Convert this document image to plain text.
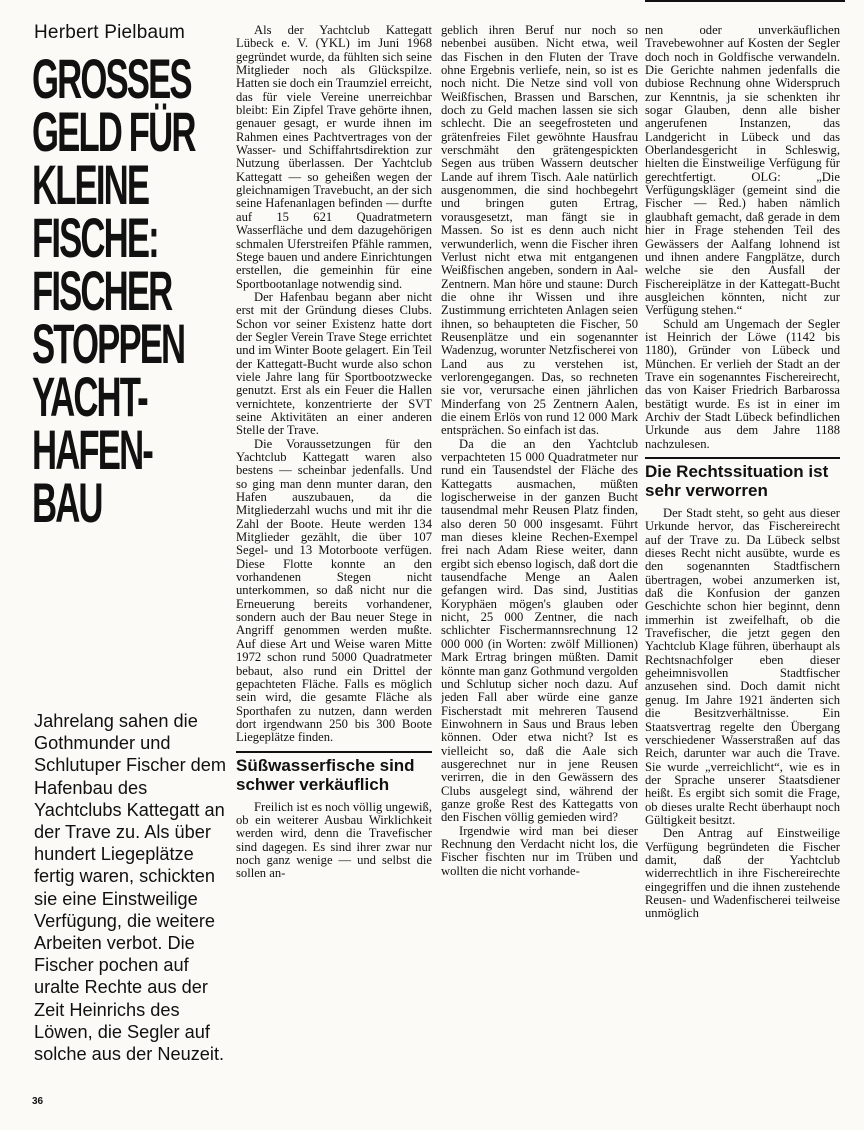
Herbert Pielbaum
GROSSES
GELD FÜR
KLEINE
FISCHE:
FISCHER
STOPPEN
YACHT-
HAFEN-
BAU
Jahrelang sahen die Gothmunder und Schlutuper Fischer dem Hafenbau des Yachtclubs Kattegatt an der Trave zu. Als über hundert Liegeplätze fertig waren, schickten sie eine Einstweilige Verfügung, die weitere Arbeiten verbot. Die Fischer pochen auf uralte Rechte aus der Zeit Heinrichs des Löwen, die Segler auf solche aus der Neuzeit.
36

Als der Yachtclub Kattegatt Lübeck e. V. (YKL) im Juni 1968 gegründet wurde, da fühlten sich seine Mitglieder noch als Glückspilze. Hatten sie doch ein Traumziel erreicht, das für viele Vereine unerreichbar bleibt: Ein Zipfel Trave gehörte ihnen, genauer gesagt, er wurde ihnen im Rahmen eines Pachtvertrages von der Wasser- und Schiffahrtsdirektion zur Nutzung überlassen. Der Yachtclub Kattegatt — so geheißen wegen der gleichnamigen Travebucht, an der sich seine Hafenanlagen befinden — durfte auf 15 621 Quadratmetern Wasserfläche und dem dazugehörigen schmalen Uferstreifen Pfähle rammen, Stege bauen und andere Einrichtungen erstellen, die gemeinhin für eine Sportbootanlage notwendig sind.

Der Hafenbau begann aber nicht erst mit der Gründung dieses Clubs. Schon vor seiner Existenz hatte dort der Segler Verein Trave Stege errichtet und im Winter Boote gelagert. Ein Teil der Kattegatt-Bucht wurde also schon viele Jahre lang für Sportbootzwecke genutzt. Erst als ein Feuer die Hallen vernichtete, konzentrierte der SVT seine Aktivitäten an einer anderen Stelle der Trave.

Die Voraussetzungen für den Yachtclub Kattegatt waren also bestens — scheinbar jedenfalls. Und so ging man denn munter daran, den Hafen auszubauen, da die Mitgliederzahl wuchs und mit ihr die Zahl der Boote. Heute werden 134 Mitglieder gezählt, die über 107 Segel- und 13 Motorboote verfügen. Diese Flotte konnte an den vorhandenen Stegen nicht unterkommen, so daß nicht nur die Erneuerung bereits vorhandener, sondern auch der Bau neuer Stege in Angriff genommen werden mußte. Auf diese Art und Weise waren Mitte 1972 schon rund 5000 Quadratmeter bebaut, also rund ein Drittel der gepachteten Fläche. Falls es möglich sein wird, die gesamte Fläche als Sporthafen zu nutzen, dann werden dort irgendwann 250 bis 300 Boote Liegeplätze finden.

Süßwasserfische sind schwer verkäuflich

Freilich ist es noch völlig ungewiß, ob ein weiterer Ausbau Wirklichkeit werden wird, denn die Travefischer sind dagegen. Es sind ihrer zwar nur noch ganz wenige — und selbst die sollen an-

geblich ihren Beruf nur noch so nebenbei ausüben. Nicht etwa, weil das Fischen in den Fluten der Trave ohne Ergebnis verliefe, nein, so ist es noch nicht. Die Netze sind voll von Weißfischen, Brassen und Barschen, doch zu Geld machen lassen sie sich schlecht. Die an seegefrosteten und grätenfreies Filet gewöhnte Hausfrau verschmäht den grätengespickten Segen aus trüben Wassern deutscher Lande auf ihrem Tisch. Aale natürlich ausgenommen, die sind hochbegehrt und bringen guten Ertrag, vorausgesetzt, man fängt sie in Massen. So ist es denn auch nicht verwunderlich, wenn die Fischer ihren Verlust nicht etwa mit entgangenen Weißfischen angeben, sondern in Aal-Zentnern. Man höre und staune: Durch die ohne ihr Wissen und ihre Zustimmung errichteten Anlagen seien ihnen, so behaupteten die Fischer, 50 Reusenplätze und ein sogenannter Wadenzug, worunter Netzfischerei von Land aus zu verstehen ist, verlorengegangen. Das, so rechneten sie vor, verursache einen jährlichen Minderfang von 25 Zentnern Aalen, die einem Erlös von rund 12 000 Mark entsprächen. So einfach ist das.

Da die an den Yachtclub verpachteten 15 000 Quadratmeter nur rund ein Tausendstel der Fläche des Kattegatts ausmachen, müßten logischerweise in der ganzen Bucht tausendmal mehr Reusen Platz finden, also deren 50 000 insgesamt. Führt man dieses kleine Rechen-Exempel frei nach Adam Riese weiter, dann ergibt sich ebenso logisch, daß dort die tausendfache Menge an Aalen gefangen wird. Das sind, Justitias Koryphäen mögen's glauben oder nicht, 25 000 Zentner, die nach schlichter Fischermannsrechnung 12 000 000 (in Worten: zwölf Millionen) Mark Ertrag bringen müßten. Damit könnte man ganz Gothmund vergolden und Schlutup sicher noch dazu. Auf jeden Fall aber würde eine ganze Fischerstadt mit mehreren Tausend Einwohnern in Saus und Braus leben können. Oder etwa nicht? Ist es vielleicht so, daß die Aale sich ausgerechnet nur in jene Reusen verirren, die in den Gewässern des Clubs ausgelegt sind, während der ganze große Rest des Kattegatts von den Fischen völlig gemieden wird?

Irgendwie wird man bei dieser Rechnung den Verdacht nicht los, die Fischer fischten nur im Trüben und wollten die nicht vorhande-

nen oder unverkäuflichen Travebewohner auf Kosten der Segler doch noch in Goldfische verwandeln. Die Gerichte nahmen jedenfalls die dubiose Rechnung ohne Widerspruch zur Kenntnis, ja sie schenkten ihr sogar Glauben, denn alle bisher angerufenen Instanzen, das Landgericht in Lübeck und das Oberlandesgericht in Schleswig, hielten die Einstweilige Verfügung für gerechtfertigt. OLG: „Die Verfügungskläger (gemeint sind die Fischer — Red.) haben nämlich glaubhaft gemacht, daß gerade in dem hier in Frage stehenden Teil des Gewässers der Aalfang lohnend ist und ihnen andere Fangplätze, durch welche sie den Ausfall der Fischereiplätze in der Kattegatt-Bucht ausgleichen könnten, nicht zur Verfügung stehen.“

Schuld am Ungemach der Segler ist Heinrich der Löwe (1142 bis 1180), Gründer von Lübeck und München. Er verlieh der Stadt an der Trave ein sogenanntes Fischereirecht, das von Kaiser Friedrich Barbarossa bestätigt wurde. Es ist in einer im Archiv der Stadt Lübeck befindlichen Urkunde aus dem Jahre 1188 nachzulesen.

Die Rechtssituation ist sehr verworren

Der Stadt steht, so geht aus dieser Urkunde hervor, das Fischereirecht auf der Trave zu. Da Lübeck selbst dieses Recht nicht ausübte, wurde es den sogenannten Stadtfischern übertragen, wobei anzumerken ist, daß die Konfusion der ganzen Geschichte schon hier beginnt, denn immerhin ist zweifelhaft, ob die Travefischer, die jetzt gegen den Yachtclub Klage führen, überhaupt als Rechtsnachfolger eben dieser geheimnisvollen Stadtfischer anzusehen sind. Doch damit nicht genug. Im Jahre 1921 änderten sich die Besitzverhältnisse. Ein Staatsvertrag regelte den Übergang verschiedener Wasserstraßen auf das Reich, darunter war auch die Trave. Sie wurde „verreichlicht“, wie es in der Sprache unserer Staatsdiener heißt. Es ergibt sich somit die Frage, ob dieses uralte Recht überhaupt noch Gültigkeit besitzt.

Den Antrag auf Einstweilige Verfügung begründeten die Fischer damit, daß der Yachtclub widerrechtlich in ihre Fischereirechte eingegriffen und die ihnen zustehende Reusen- und Wadenfischerei teilweise unmöglich
